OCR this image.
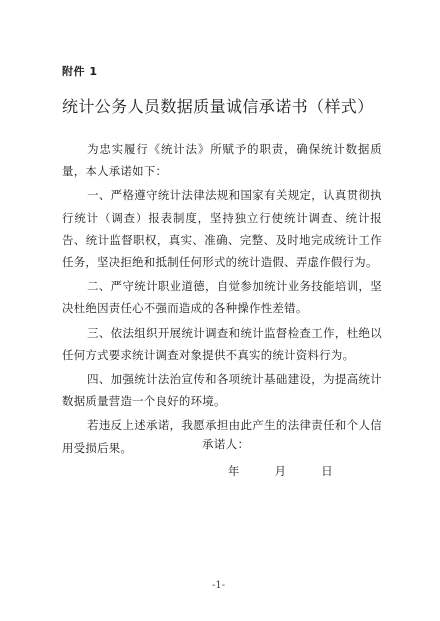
附件 1
统计公务人员数据质量诚信承诺书（样式）

为忠实履行《统计法》所赋予的职责，确保统计数据质量，本人承诺如下：

一、严格遵守统计法律法规和国家有关规定，认真贯彻执行统计（调查）报表制度，坚持独立行使统计调查、统计报告、统计监督职权，真实、准确、完整、及时地完成统计工作任务，坚决拒绝和抵制任何形式的统计造假、弄虚作假行为。

二、严守统计职业道德，自觉参加统计业务技能培训，坚决杜绝因责任心不强而造成的各种操作性差错。

三、依法组织开展统计调查和统计监督检查工作，杜绝以任何方式要求统计调查对象提供不真实的统计资料行为。

四、加强统计法治宣传和各项统计基础建设，为提高统计数据质量营造一个良好的环境。

若违反上述承诺，我愿承担由此产生的法律责任和个人信用受损后果。	承诺人：
年  月  日
-1-
